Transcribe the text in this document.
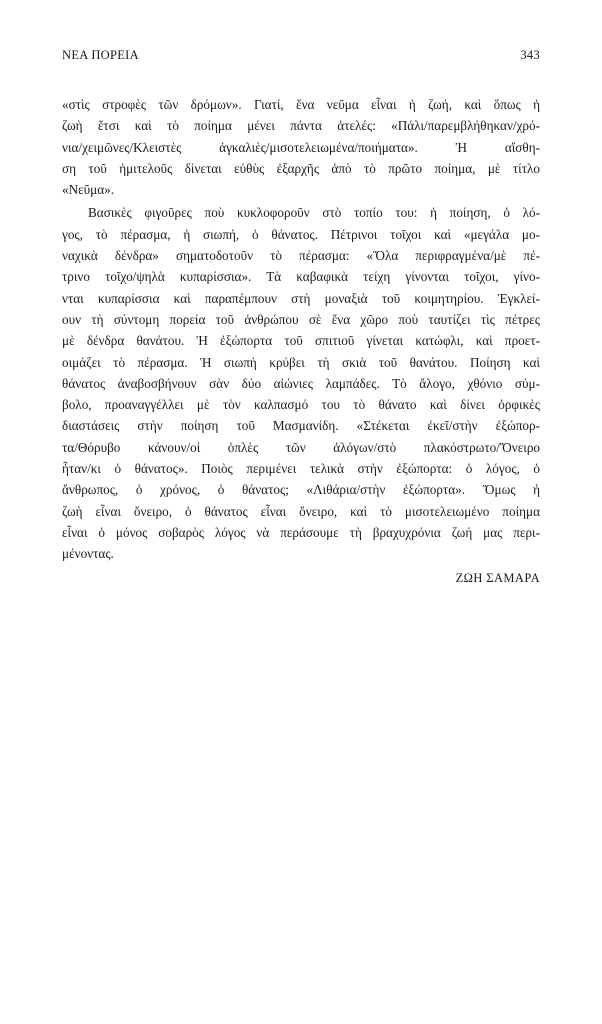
ΝΕΑ ΠΟΡΕΙΑ	343
«στὶς στροφὲς τῶν δρόμων». Γιατί, ἕνα νεῦμα εἶναι ἡ ζωή, καὶ ὅπως ἡ
ζωὴ ἔτσι καὶ τὸ ποίημα μένει πάντα ἀτελές: «Πάλι/παρεμβλήθηκαν/χρό-
νια/χειμῶνες/Κλειστὲς ἀγκαλιὲς/μισοτελειωμένα/ποιήματα». Ἡ αἴσθη-
ση τοῦ ἡμιτελοῦς δίνεται εὐθὺς ἐξαρχῆς ἀπὸ τὸ πρῶτο ποίημα, μὲ τίτλο
«Νεῦμα».
Βασικὲς φιγοῦρες ποὺ κυκλοφοροῦν στὸ τοπίο του: ἡ ποίηση, ὁ λό-
γος, τὸ πέρασμα, ἡ σιωπή, ὁ θάνατος. Πέτρινοι τοῖχοι καὶ «μεγάλα μο-
ναχικὰ δένδρα» σηματοδοτοῦν τὸ πέρασμα: «Ὅλα περιφραγμένα/μὲ πέ-
τρινο τοῖχο/ψηλὰ κυπαρίσσια». Τὰ καβαφικὰ τείχη γίνονται τοῖχοι, γίνο-
νται κυπαρίσσια καὶ παραπέμπουν στὴ μοναξιὰ τοῦ κοιμητηρίου. Ἐγκλεί-
ουν τὴ σύντομη πορεία τοῦ ἀνθρώπου σὲ ἕνα χῶρο ποὺ ταυτίζει τὶς πέτρες
μὲ δένδρα θανάτου. Ἡ ἐξώπορτα τοῦ σπιτιοῦ γίνεται κατώφλι, καὶ προετ-
οιμάζει τὸ πέρασμα. Ἡ σιωπὴ κρύβει τὴ σκιὰ τοῦ θανάτου. Ποίηση καὶ
θάνατος ἀναβοσβήνουν σὰν δύο αἰώνιες λαμπάδες. Τὸ ἄλογο, χθόνιο σύμ-
βολο, προαναγγέλλει μὲ τὸν καλπασμό του τὸ θάνατο καὶ δίνει ὀρφικὲς
διαστάσεις στὴν ποίηση τοῦ Μασμανίδη. «Στέκεται ἐκεῖ/στὴν ἐξώπορ-
τα/Θόρυβο κάνουν/οἱ ὁπλὲς τῶν ἀλόγων/στὸ πλακόστρωτο/Ὄνειρο
ἦταν/κι ὁ θάνατος». Ποιὸς περιμένει τελικὰ στὴν ἐξώπορτα: ὁ λόγος, ὁ
ἄνθρωπος, ὁ χρόνος, ὁ θάνατος; «Λιθάρια/στὴν ἐξώπορτα». Ὅμως ἡ
ζωὴ εἶναι ὄνειρο, ὁ θάνατος εἶναι ὄνειρο, καὶ τὸ μισοτελειωμένο ποίημα
εἶναι ὁ μόνος σοβαρὸς λόγος νὰ περάσουμε τὴ βραχυχρόνια ζωή μας περι-
μένοντας.
ΖΩΗ ΣΑΜΑΡΑ
